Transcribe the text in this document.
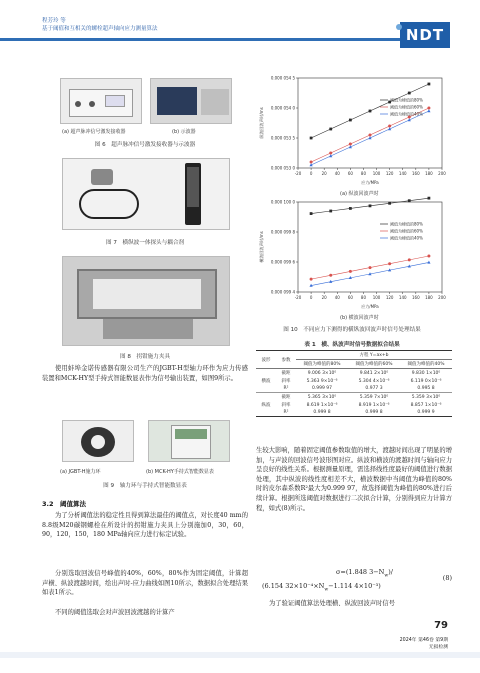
程芳玲 等
基于阈值和互相关的螺栓超声轴向应力测量算法	NDT
(a) 超声脉冲信号激发接收器	(b) 示波器
图 6　超声脉冲信号激发接收器与示波器
图 7　横纵波一体探头与耦合剂
图 8　拐钳施力夹具
使用蚌埠金诺传感器有限公司生产的JGBT-H型轴力环作为应力传感装置和MCK-HY型手持式智能数显表作为信号输出装置，如图9所示。
(a) JGBT-H施力环	(b) MCK-HY手持式智能数显表
图 9　轴力环与手持式智能数显表
3.2　阈值算法
为了分析阈值法的稳定性且得到算法最佳的阈值点，对长度40 mm的8.8级M20碳钢螺栓在所设计的拐钳施力夹具上分别施加0，30，60，90，120，150，180 MPa轴向应力进行标定试验。
分别选取回波信号峰值的40%，60%，80%作为固定阈值，计算超声横、纵波渡越时间，绘出声时-应力曲线如图10所示，数据拟合处理结果如表1所示。
不同的阈值选取会对声波回波渡越的计算产
-20 0 20 40 60 80 100 120 140 160 180 200
0.000 053 0
0.000 053 5
0.000 054 0
0.000 054 5
应力/MPa
纵波回波声时/ms
阈值为峰值的80%
阈值为峰值的60%
阈值为峰值的40%
(a) 纵波回波声时
-20 0 20 40 60 80 100 120 140 160 180 200
0.000 099 4
0.000 099 6
0.000 099 8
0.000 100 0
应力/MPa
横波回波声时/ms
阈值为峰值的80%
阈值为峰值的60%
阈值为峰值的40%
(b) 横波回波声时
图 10　不同应力下测得的横纵波回波声时信号处理结果
表 1　横、纵波声时信号数据拟合结果
波形	参数	方程 Y=ax+b		
		阈值为峰值的80%	阈值为峰值的60%	阈值为峰值的40%
横波	截距	9.006 3×10⁰	9.841 2×10⁰	9.830 1×10⁰
	斜率	5.363 9×10⁻⁶	5.304 4×10⁻⁶	6.119 0×10⁻⁶
	R²	0.999 97	0.977 3	0.995 8
纵波	截距	5.365 3×10⁰	5.359 7×10⁰	5.359 3×10⁰
	斜率	8.619 1×10⁻⁶	8.919 1×10⁻⁶	8.857 1×10⁻⁶
	R²	0.999 8	0.999 8	0.999 9
生较大影响，随着固定阈值参数取值的增大，渡越时间出现了明显的增加，与声波的回波信号波形图对应。纵波和横波的渡越时间与轴向应力呈良好的线性关系。根据测量原理，需选择线性度最好的阈值进行数据处理，其中纵波的线性度相差不大，横波数据中当阈值为峰值的80%时的皮尔森系数R²最大为0.999 97，故选择阈值为峰值的80%进行后续计算。根据所选阈值对数据进行二次拟合计算，分别得到应力计算方程，如式(8)所示。
σ=(1.848 $3-N_w)/$
(6.154 $32\times 10^{-4}\times N_w-1.114$ 4×10⁻³)
(8)
为了验证阈值算法处理横、纵波回波声时信号
79
2024年 第46卷 第9期
无损检测
